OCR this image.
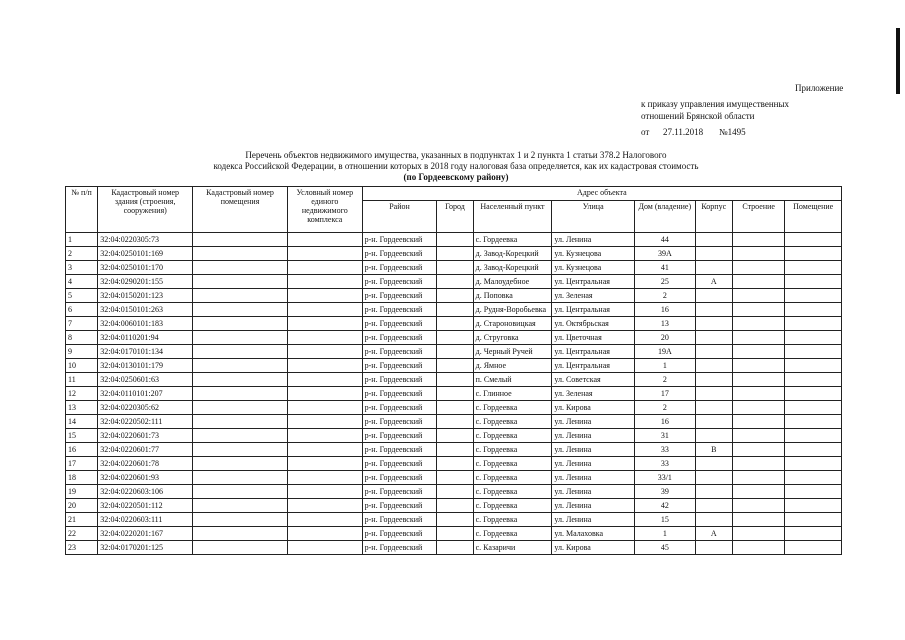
Приложение
к приказу управления имущественных
отношений Брянской области
от 27.11.2018 №1495
Перечень объектов недвижимого имущества, указанных в подпунктах 1 и 2 пункта 1 статьи 378.2 Налогового
кодекса Российской Федерации, в отношении которых в 2018 году налоговая база определяется, как их кадастровая стоимость
(по Гордеевскому району)
№ п/п	Кадастровый номер здания (строения, сооружения)	Кадастровый номер помещения	Условный номер единого недвижимого комплекса	Адрес объекта							
				Район	Город	Населенный пункт	Улица	Дом (владение)	Корпус	Строение	Помещение
1	32:04:0220305:73			р-н. Гордеевский		с. Гордеевка	ул. Ленина	44			
2	32:04:0250101:169			р-н. Гордеевский		д. Завод-Корецкий	ул. Кузнецова	39А			
3	32:04:0250101:170			р-н. Гордеевский		д. Завод-Корецкий	ул. Кузнецова	41			
4	32:04:0290201:155			р-н. Гордеевский		д. Малоудебное	ул. Центральная	25	А		
5	32:04:0150201:123			р-н. Гордеевский		д. Поповка	ул. Зеленая	2			
6	32:04:0150101:263			р-н. Гордеевский		д. Рудня-Воробьевка	ул. Центральная	16			
7	32:04:0060101:183			р-н. Гордеевский		д. Староновицкая	ул. Октябрьская	13			
8	32:04:0110201:94			р-н. Гордеевский		д. Струговка	ул. Цветочная	20			
9	32:04:0170101:134			р-н. Гордеевский		д. Черный Ручей	ул. Центральная	19А			
10	32:04:0130101:179			р-н. Гордеевский		д. Ямное	ул. Центральная	1			
11	32:04:0250601:63			р-н. Гордеевский		п. Смелый	ул. Советская	2			
12	32:04:0110101:207			р-н. Гордеевский		с. Глинное	ул. Зеленая	17			
13	32:04:0220305:62			р-н. Гордеевский		с. Гордеевка	ул. Кирова	2			
14	32:04:0220502:111			р-н. Гордеевский		с. Гордеевка	ул. Ленина	16			
15	32:04:0220601:73			р-н. Гордеевский		с. Гордеевка	ул. Ленина	31			
16	32:04:0220601:77			р-н. Гордеевский		с. Гордеевка	ул. Ленина	33	В		
17	32:04:0220601:78			р-н. Гордеевский		с. Гордеевка	ул. Ленина	33			
18	32:04:0220601:93			р-н. Гордеевский		с. Гордеевка	ул. Ленина	33/1			
19	32:04:0220603:106			р-н. Гордеевский		с. Гордеевка	ул. Ленина	39			
20	32:04:0220501:112			р-н. Гордеевский		с. Гордеевка	ул. Ленина	42			
21	32:04:0220603:111			р-н. Гордеевский		с. Гордеевка	ул. Ленина	15			
22	32:04:0220201:167			р-н. Гордеевский		с. Гордеевка	ул. Малаховка	1	А		
23	32:04:0170201:125			р-н. Гордеевский		с. Казаричи	ул. Кирова	45			
